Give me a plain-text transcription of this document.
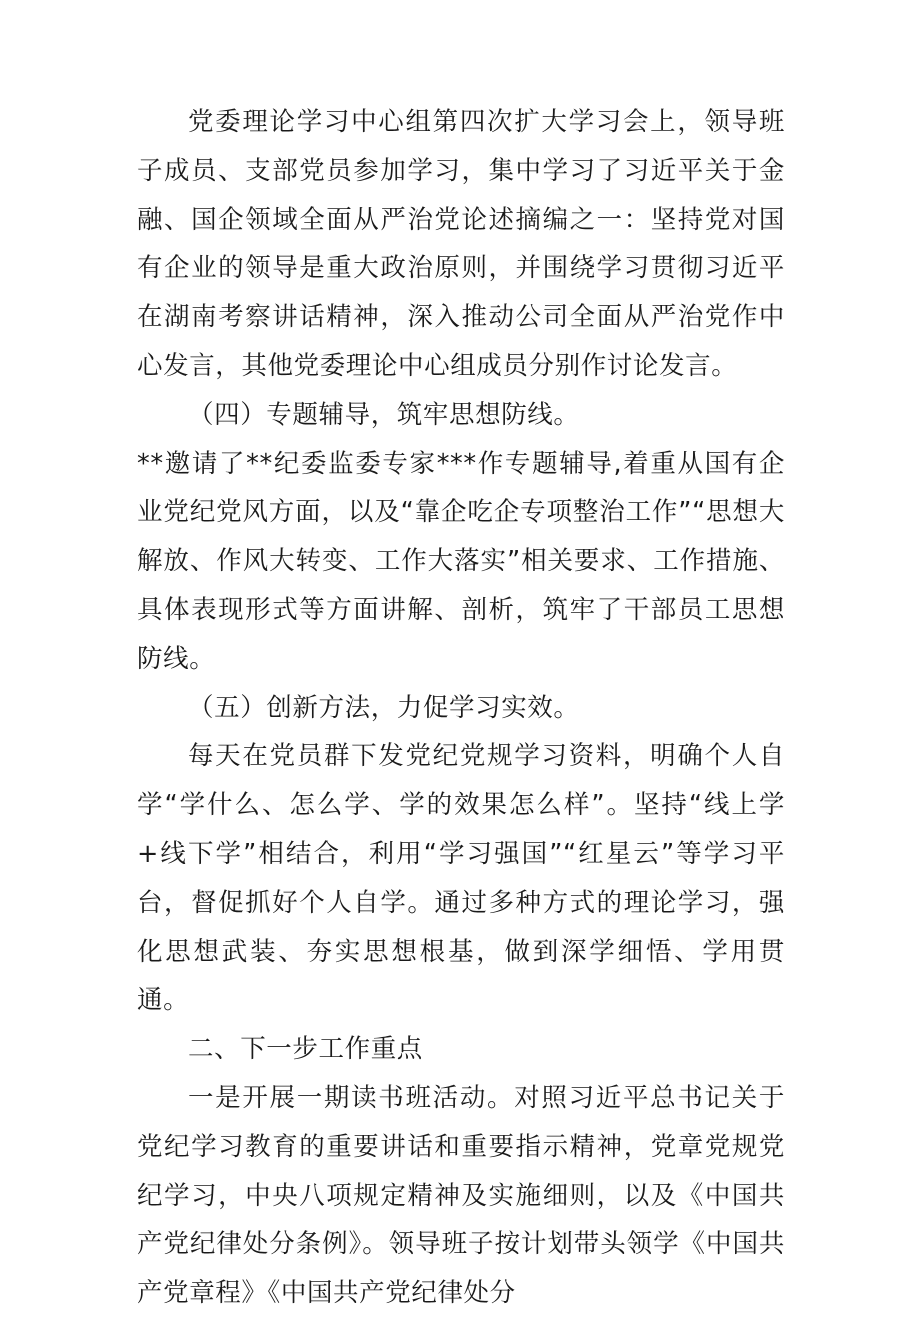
党委理论学习中心组第四次扩大学习会上，领导班子成员、支部党员参加学习，集中学习了习近平关于金融、国企领域全面从严治党论述摘编之一：坚持党对国有企业的领导是重大政治原则，并围绕学习贯彻习近平在湖南考察讲话精神，深入推动公司全面从严治党作中心发言，其他党委理论中心组成员分别作讨论发言。

（四）专题辅导，筑牢思想防线。

**邀请了**纪委监委专家***作专题辅导,着重从国有企业党纪党风方面，以及“靠企吃企专项整治工作”“思想大解放、作风大转变、工作大落实”相关要求、工作措施、具体表现形式等方面讲解、剖析，筑牢了干部员工思想防线。

（五）创新方法，力促学习实效。

每天在党员群下发党纪党规学习资料，明确个人自学“学什么、怎么学、学的效果怎么样”。坚持“线上学+线下学”相结合，利用“学习强国”“红星云”等学习平台，督促抓好个人自学。通过多种方式的理论学习，强化思想武装、夯实思想根基，做到深学细悟、学用贯通。

二、下一步工作重点

一是开展一期读书班活动。对照习近平总书记关于党纪学习教育的重要讲话和重要指示精神，党章党规党纪学习，中央八项规定精神及实施细则，以及《中国共产党纪律处分条例》。领导班子按计划带头领学《中国共产党章程》《中国共产党纪律处分
